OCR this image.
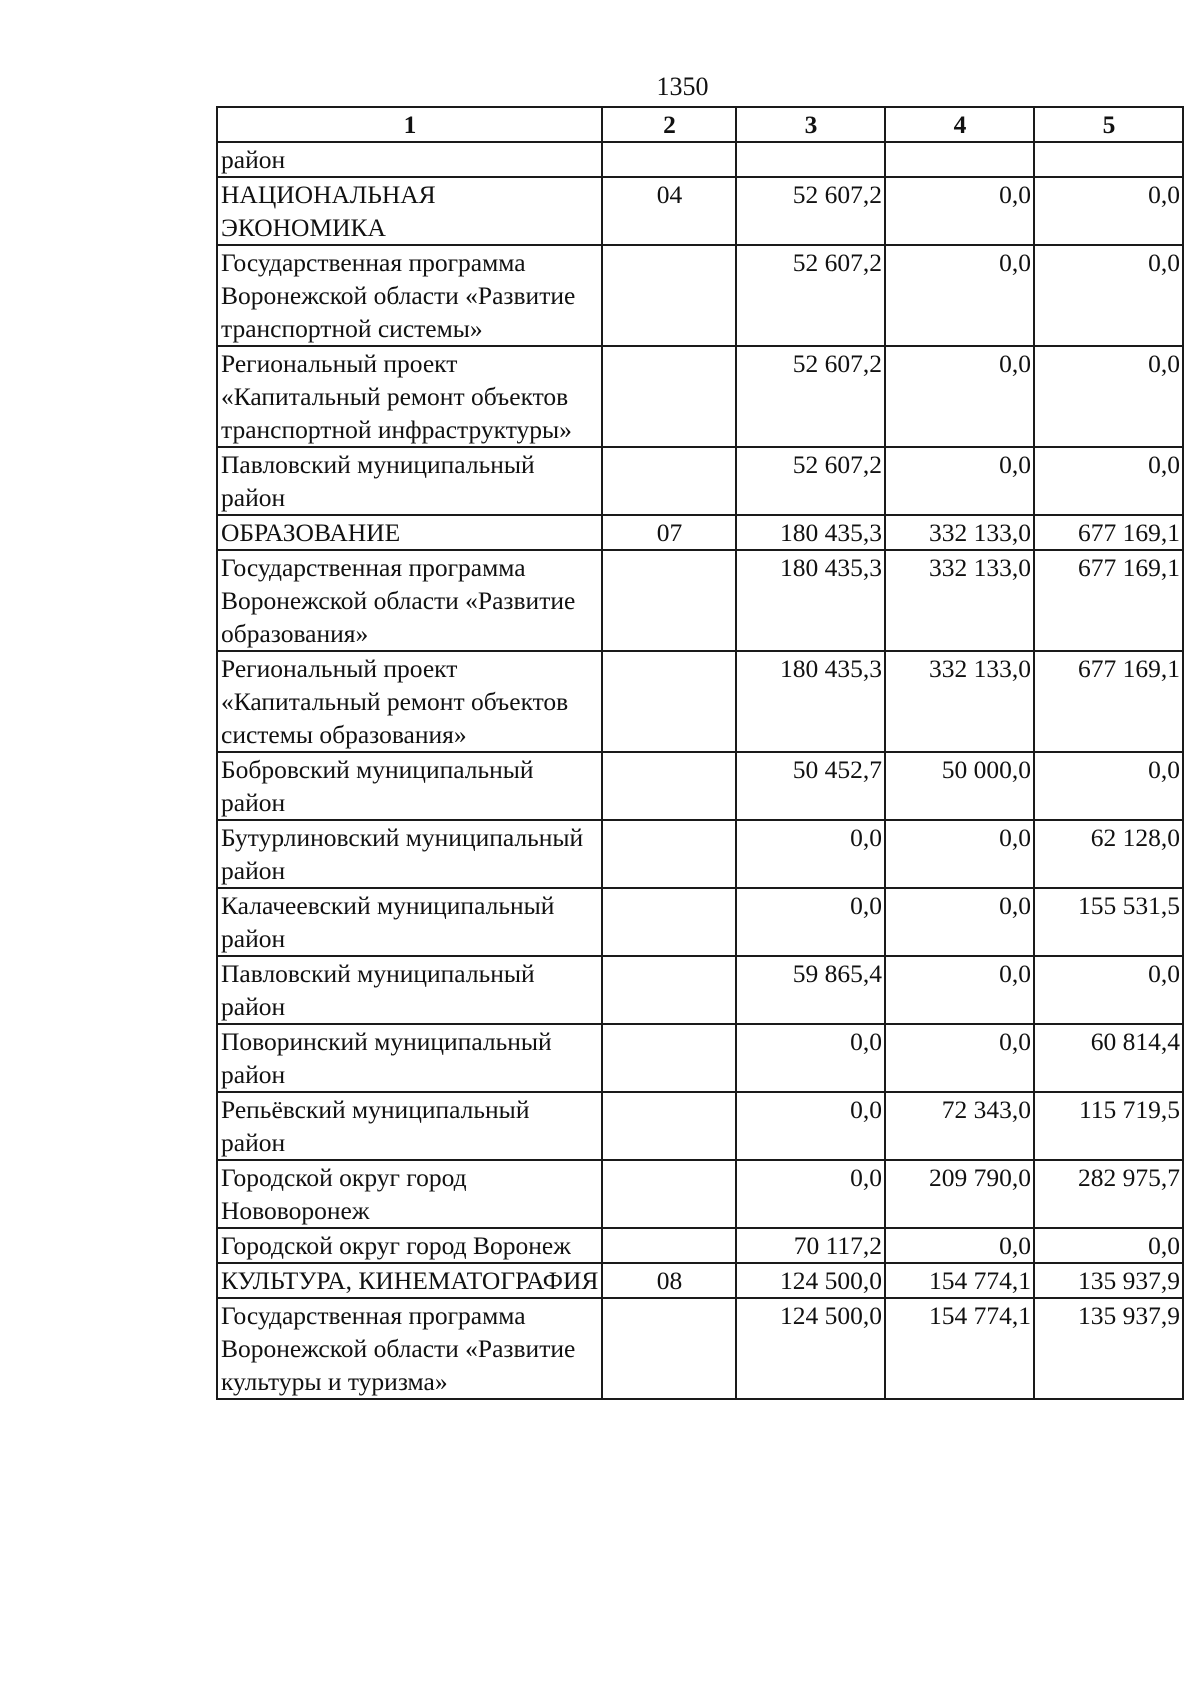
1350
1	2	3	4	5
район				
НАЦИОНАЛЬНАЯ ЭКОНОМИКА	04	52 607,2	0,0	0,0
Государственная программа Воронежской области «Развитие транспортной системы»		52 607,2	0,0	0,0
Региональный проект «Капитальный ремонт объектов транспортной инфраструктуры»		52 607,2	0,0	0,0
Павловский муниципальный район		52 607,2	0,0	0,0
ОБРАЗОВАНИЕ	07	180 435,3	332 133,0	677 169,1
Государственная программа Воронежской области «Развитие образования»		180 435,3	332 133,0	677 169,1
Региональный проект «Капитальный ремонт объектов системы образования»		180 435,3	332 133,0	677 169,1
Бобровский муниципальный район		50 452,7	50 000,0	0,0
Бутурлиновский муниципальный район		0,0	0,0	62 128,0
Калачеевский муниципальный район		0,0	0,0	155 531,5
Павловский муниципальный район		59 865,4	0,0	0,0
Поворинский муниципальный район		0,0	0,0	60 814,4
Репьёвский муниципальный район		0,0	72 343,0	115 719,5
Городской округ город Нововоронеж		0,0	209 790,0	282 975,7
Городской округ город Воронеж		70 117,2	0,0	0,0
КУЛЬТУРА, КИНЕМАТОГРАФИЯ	08	124 500,0	154 774,1	135 937,9
Государственная программа Воронежской области «Развитие культуры и туризма»		124 500,0	154 774,1	135 937,9
